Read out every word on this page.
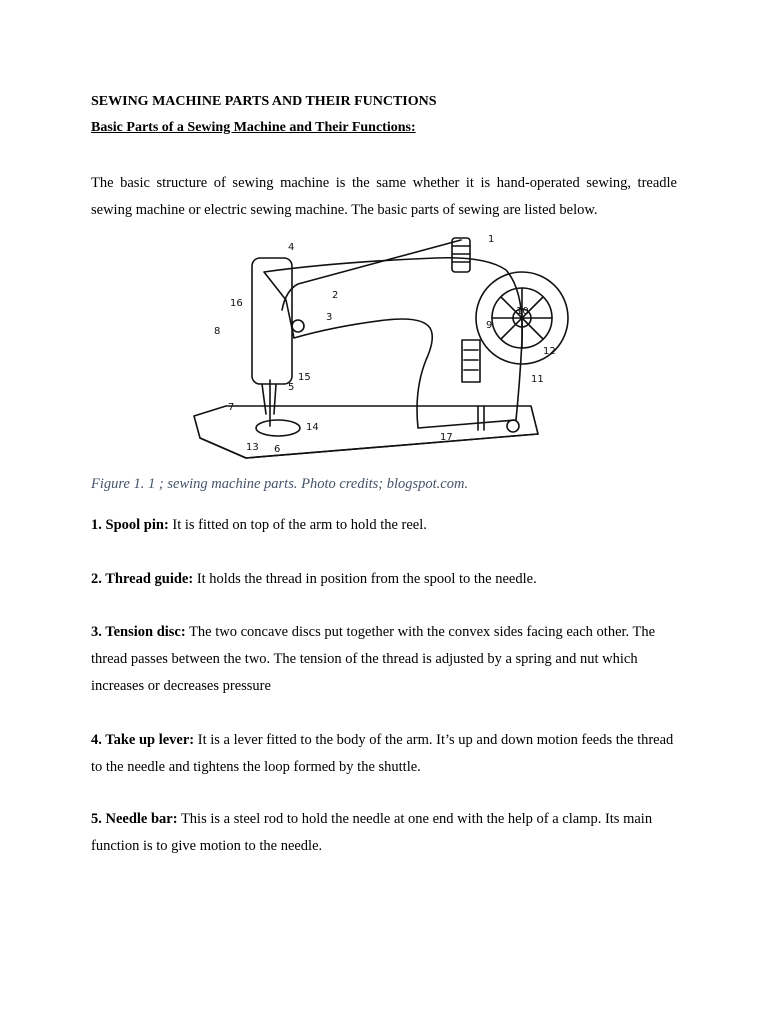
SEWING MACHINE PARTS AND THEIR FUNCTIONS
Basic Parts of a Sewing Machine and Their Functions:

The basic structure of sewing machine is the same whether it is hand-operated sewing, treadle sewing machine or electric sewing machine. The basic parts of sewing are listed below.

1
2
3
4
5
6
7
8
9
10
11
12
13
14
15
16
17
Figure 1. 1 ; sewing machine parts. Photo credits; blogspot.com.

1. Spool pin: It is fitted on top of the arm to hold the reel.

2. Thread guide: It holds the thread in position from the spool to the needle.

3. Tension disc: The two concave discs put together with the convex sides facing each other. The thread passes between the two. The tension of the thread is adjusted by a spring and nut which increases or decreases pressure

4. Take up lever: It is a lever fitted to the body of the arm. It’s up and down motion feeds the thread to the needle and tightens the loop formed by the shuttle.

5. Needle bar: This is a steel rod to hold the needle at one end with the help of a clamp. Its main function is to give motion to the needle.
